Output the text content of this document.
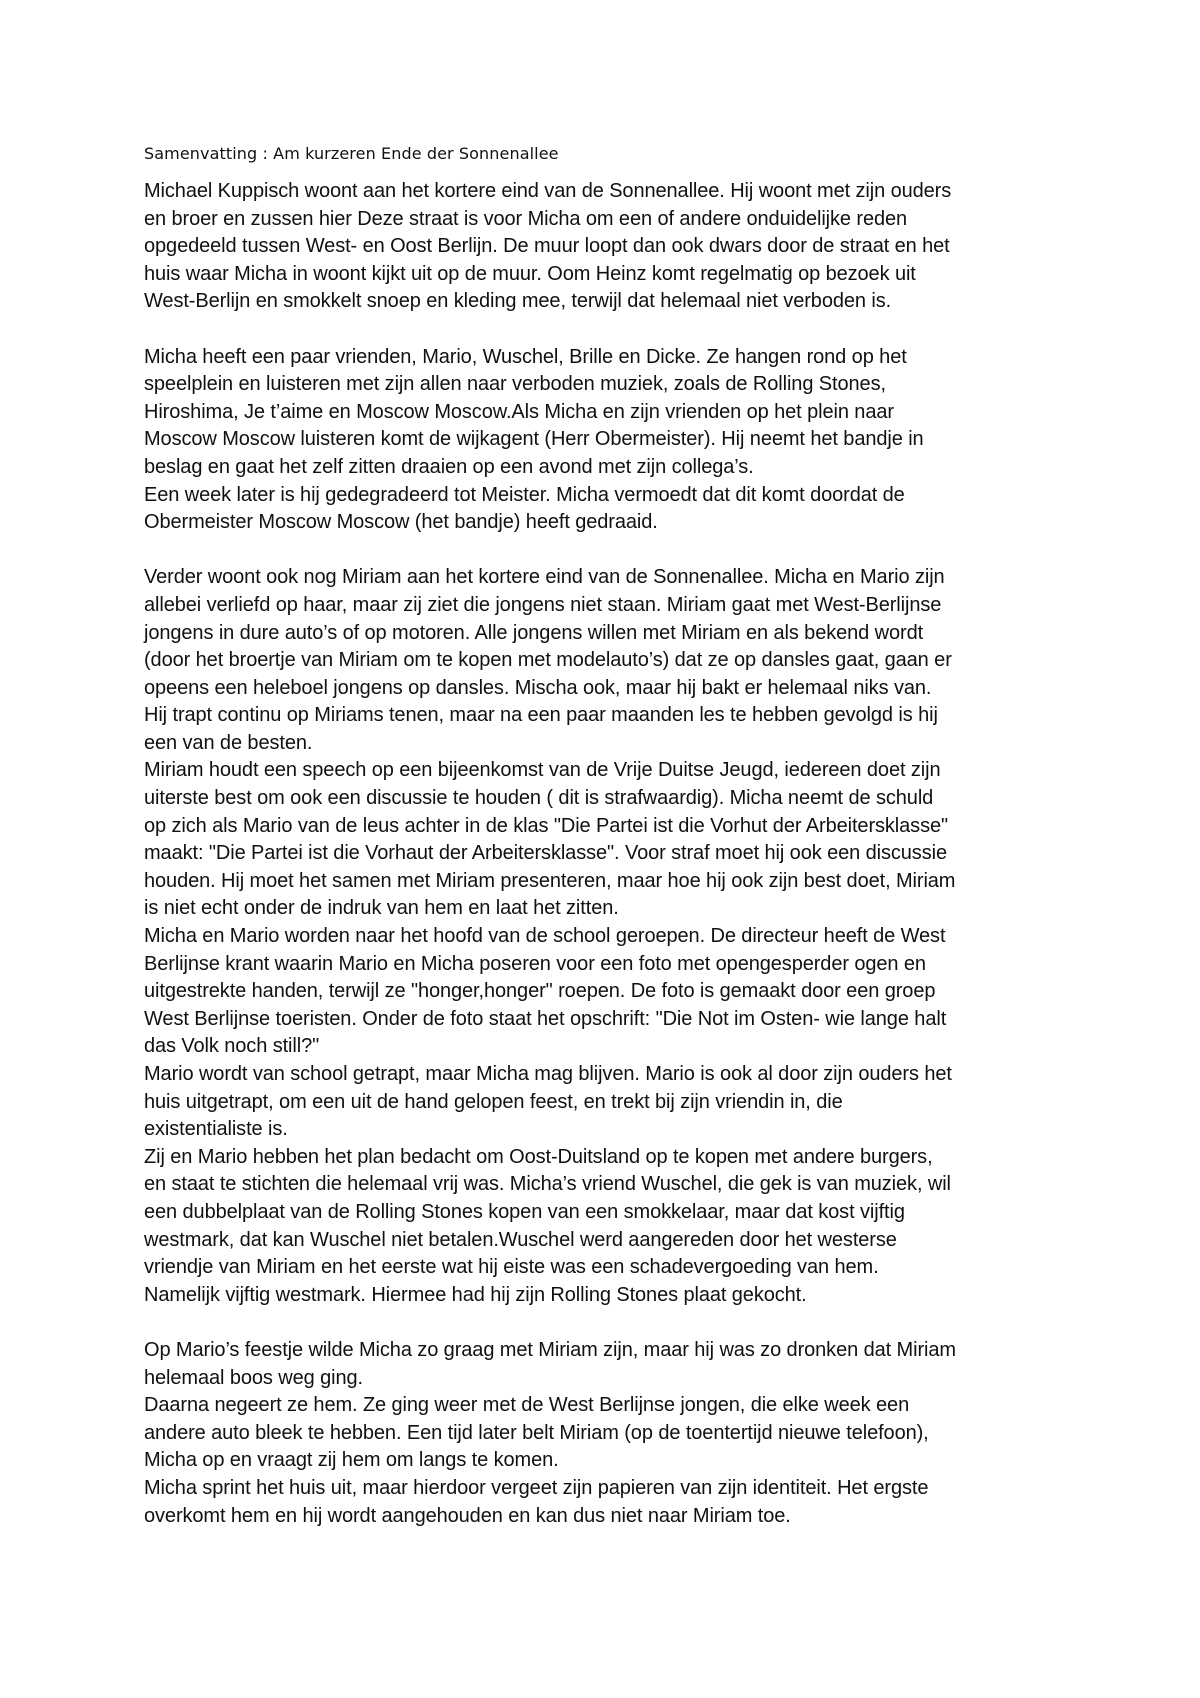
Samenvatting : Am kurzeren Ende der Sonnenallee
Michael Kuppisch woont aan het kortere eind van de Sonnenallee. Hij woont met zijn ouders
en broer en zussen hier Deze straat is voor Micha om een of andere onduidelijke reden
opgedeeld tussen West- en Oost Berlijn. De muur loopt dan ook dwars door de straat en het
huis waar Micha in woont kijkt uit op de muur. Oom Heinz komt regelmatig op bezoek uit
West-Berlijn en smokkelt snoep en kleding mee, terwijl dat helemaal niet verboden is.
Micha heeft een paar vrienden, Mario, Wuschel, Brille en Dicke. Ze hangen rond op het
speelplein en luisteren met zijn allen naar verboden muziek, zoals de Rolling Stones,
Hiroshima, Je t’aime en Moscow Moscow.Als Micha en zijn vrienden op het plein naar
Moscow Moscow luisteren komt de wijkagent (Herr Obermeister). Hij neemt het bandje in
beslag en gaat het zelf zitten draaien op een avond met zijn collega’s.
Een week later is hij gedegradeerd tot Meister. Micha vermoedt dat dit komt doordat de
Obermeister Moscow Moscow (het bandje) heeft gedraaid.
Verder woont ook nog Miriam aan het kortere eind van de Sonnenallee. Micha en Mario zijn
allebei verliefd op haar, maar zij ziet die jongens niet staan. Miriam gaat met West-Berlijnse
jongens in dure auto’s of op motoren. Alle jongens willen met Miriam en als bekend wordt
(door het broertje van Miriam om te kopen met modelauto’s) dat ze op dansles gaat, gaan er
opeens een heleboel jongens op dansles. Mischa ook, maar hij bakt er helemaal niks van.
Hij trapt continu op Miriams tenen, maar na een paar maanden les te hebben gevolgd is hij
een van de besten.
Miriam houdt een speech op een bijeenkomst van de Vrije Duitse Jeugd, iedereen doet zijn
uiterste best om ook een discussie te houden ( dit is strafwaardig). Micha neemt de schuld
op zich als Mario van de leus achter in de klas "Die Partei ist die Vorhut der Arbeitersklasse"
maakt: "Die Partei ist die Vorhaut der Arbeitersklasse". Voor straf moet hij ook een discussie
houden. Hij moet het samen met Miriam presenteren, maar hoe hij ook zijn best doet, Miriam
is niet echt onder de indruk van hem en laat het zitten.
Micha en Mario worden naar het hoofd van de school geroepen. De directeur heeft de West
Berlijnse krant waarin Mario en Micha poseren voor een foto met opengesperder ogen en
uitgestrekte handen, terwijl ze "honger,honger" roepen. De foto is gemaakt door een groep
West Berlijnse toeristen. Onder de foto staat het opschrift: "Die Not im Osten- wie lange halt
das Volk noch still?"
Mario wordt van school getrapt, maar Micha mag blijven. Mario is ook al door zijn ouders het
huis uitgetrapt, om een uit de hand gelopen feest, en trekt bij zijn vriendin in, die
existentialiste is.
Zij en Mario hebben het plan bedacht om Oost-Duitsland op te kopen met andere burgers,
en staat te stichten die helemaal vrij was. Micha’s vriend Wuschel, die gek is van muziek, wil
een dubbelplaat van de Rolling Stones kopen van een smokkelaar, maar dat kost vijftig
westmark, dat kan Wuschel niet betalen.Wuschel werd aangereden door het westerse
vriendje van Miriam en het eerste wat hij eiste was een schadevergoeding van hem.
Namelijk vijftig westmark. Hiermee had hij zijn Rolling Stones plaat gekocht.
Op Mario’s feestje wilde Micha zo graag met Miriam zijn, maar hij was zo dronken dat Miriam
helemaal boos weg ging.
Daarna negeert ze hem. Ze ging weer met de West Berlijnse jongen, die elke week een
andere auto bleek te hebben. Een tijd later belt Miriam (op de toentertijd nieuwe telefoon),
Micha op en vraagt zij hem om langs te komen.
Micha sprint het huis uit, maar hierdoor vergeet zijn papieren van zijn identiteit. Het ergste
overkomt hem en hij wordt aangehouden en kan dus niet naar Miriam toe.
